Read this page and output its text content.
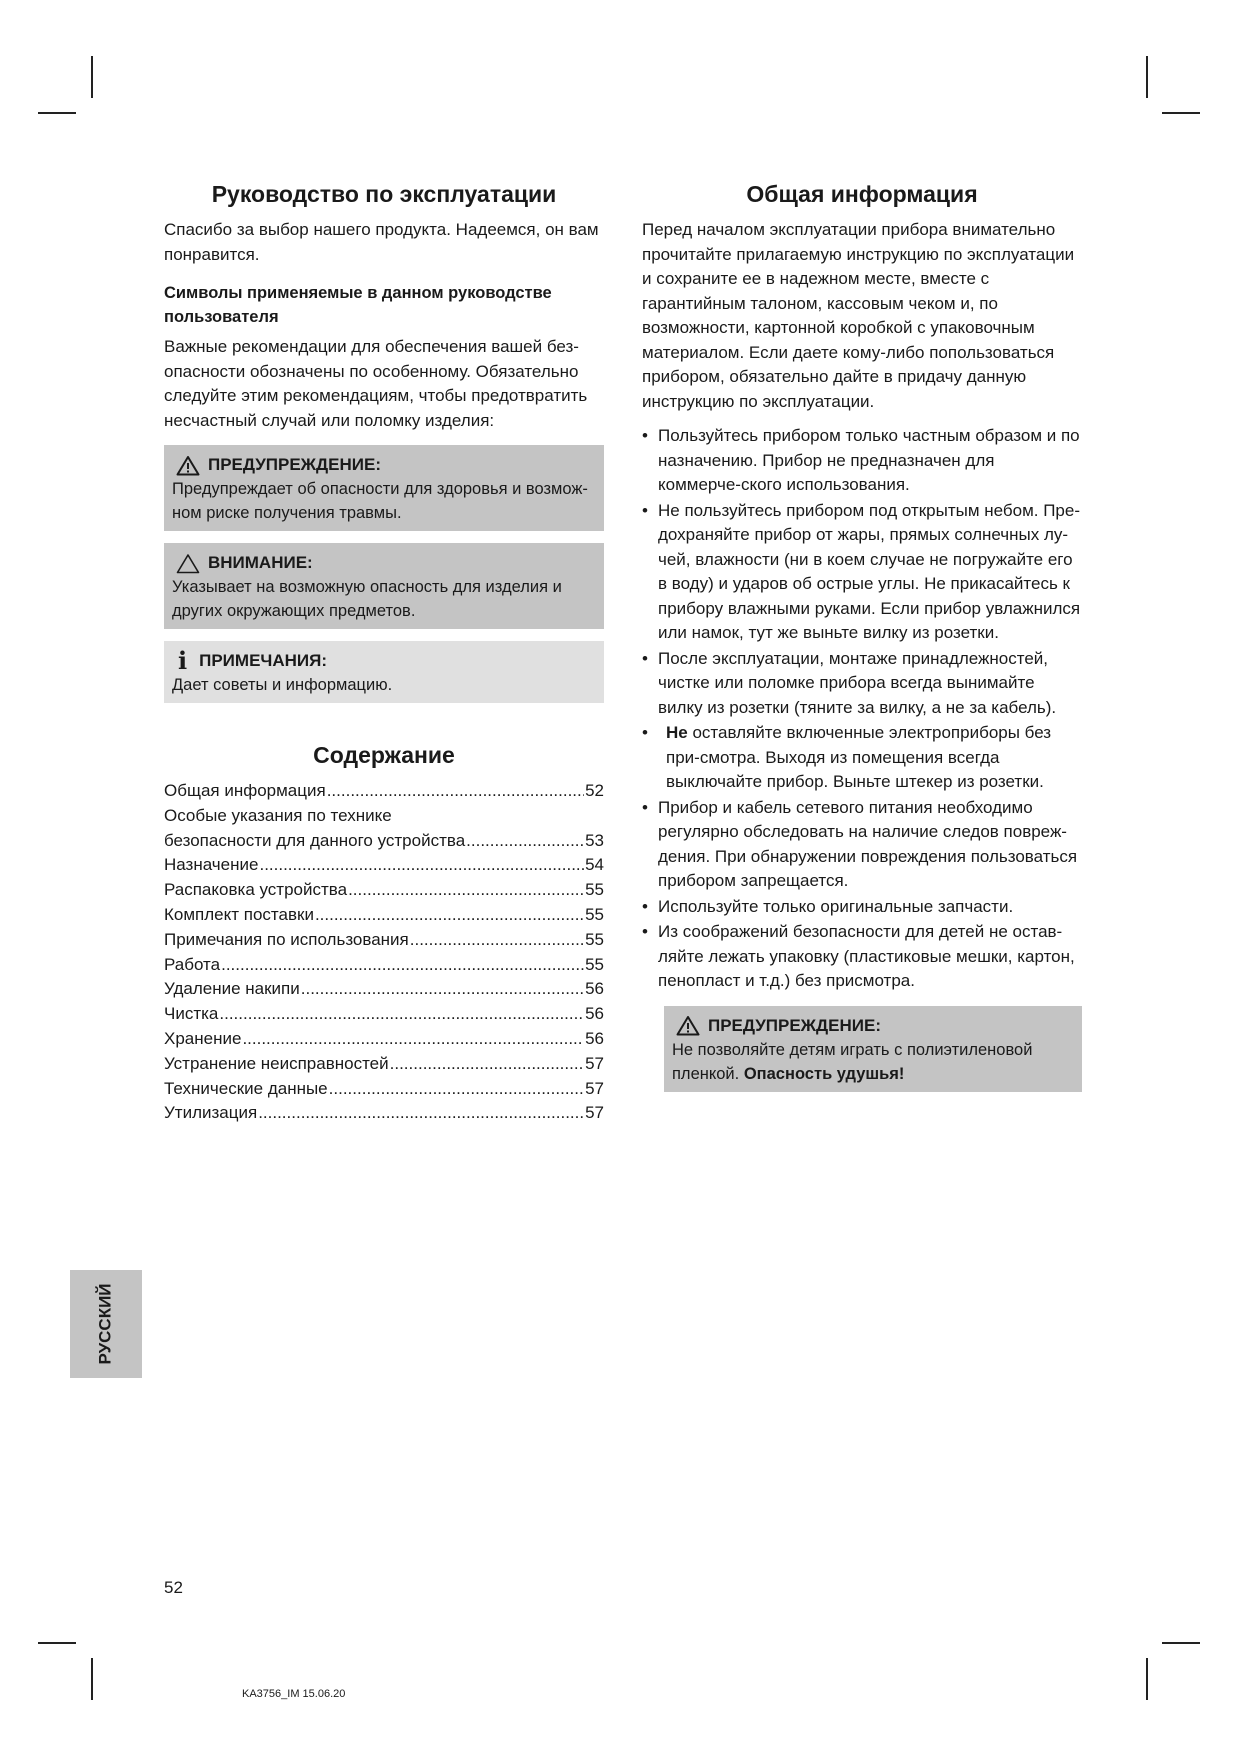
Руководство по эксплуатации

Спасибо за выбор нашего продукта. Надеемся, он вам понравится.

Символы применяемые в данном руководстве пользователя

Важные рекомендации для обеспечения вашей без-опасности обозначены по особенному. Обязательно следуйте этим рекомендациям, чтобы предотвратить несчастный случай или поломку изделия:

ПРЕДУПРЕЖДЕНИЕ:
Предупреждает об опасности для здоровья и возмож-ном риске получения травмы.
ВНИМАНИЕ:
Указывает на возможную опасность для изделия и других окружающих предметов.
i ПРИМЕЧАНИЯ:
Дает советы и информацию.
Содержание
Общая информация .....	52
Особые указания по технике
безопасности для данного устройства .....	53
Назначение .....	54
Распаковка устройства .....	55
Комплект поставки .....	55
Примечания по использования .....	55
Работа .....	55
Удаление накипи .....	56
Чистка .....	56
Хранение .....	56
Устранение неисправностей .....	57
Технические данные .....	57
Утилизация .....	57
Общая информация

Перед началом эксплуатации прибора внимательно прочитайте прилагаемую инструкцию по эксплуатации и сохраните ее в надежном месте, вместе с гарантийным талоном, кассовым чеком и, по возможности, картонной коробкой с упаковочным материалом. Если даете кому-либо попользоваться прибором, обязательно дайте в придачу данную инструкцию по эксплуатации.

• Пользуйтесь прибором только частным образом и по назначению. Прибор не предназначен для коммерче-ского использования.
• Не пользуйтесь прибором под открытым небом. Пре-дохраняйте прибор от жары, прямых солнечных лу-чей, влажности (ни в коем случае не погружайте его в воду) и ударов об острые углы. Не прикасайтесь к прибору влажными руками. Если прибор увлажнился или намок, тут же выньте вилку из розетки.
• После эксплуатации, монтаже принадлежностей, чистке или поломке прибора всегда вынимайте вилку из розетки (тяните за вилку, а не за кабель).
• Не оставляйте включенные электроприборы без при-смотра. Выходя из помещения всегда выключайте прибор. Выньте штекер из розетки.
• Прибор и кабель сетевого питания необходимо регулярно обследовать на наличие следов повреж-дения. При обнаружении повреждения пользоваться прибором запрещается.
• Используйте только оригинальные запчасти.
• Из соображений безопасности для детей не остав-ляйте лежать упаковку (пластиковые мешки, картон, пенопласт и т.д.) без присмотра.
ПРЕДУПРЕЖДЕНИЕ:
Не позволяйте детям играть с полиэтиленовой пленкой. Опасность удушья!
РУССКИЙ
52
KA3756_IM 15.06.20
